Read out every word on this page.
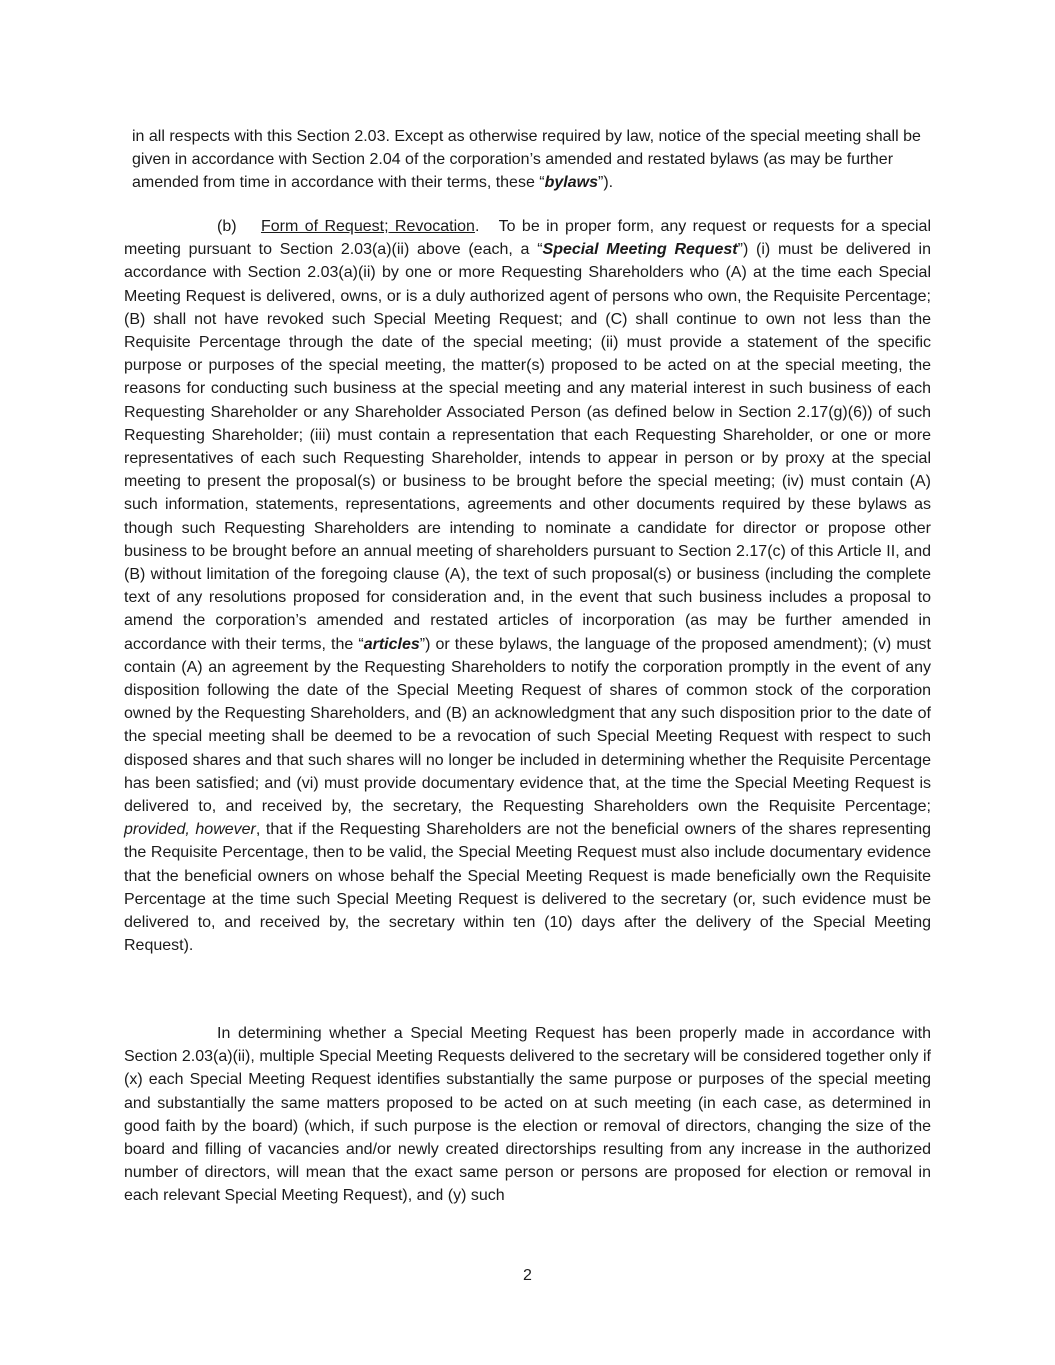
in all respects with this Section 2.03. Except as otherwise required by law, notice of the special meeting shall be given in accordance with Section 2.04 of the corporation’s amended and restated bylaws (as may be further amended from time in accordance with their terms, these “bylaws”).

(b) Form of Request; Revocation. To be in proper form, any request or requests for a special meeting pursuant to Section 2.03(a)(ii) above (each, a “Special Meeting Request”) (i) must be delivered in accordance with Section 2.03(a)(ii) by one or more Requesting Shareholders who (A) at the time each Special Meeting Request is delivered, owns, or is a duly authorized agent of persons who own, the Requisite Percentage; (B) shall not have revoked such Special Meeting Request; and (C) shall continue to own not less than the Requisite Percentage through the date of the special meeting; (ii) must provide a statement of the specific purpose or purposes of the special meeting, the matter(s) proposed to be acted on at the special meeting, the reasons for conducting such business at the special meeting and any material interest in such business of each Requesting Shareholder or any Shareholder Associated Person (as defined below in Section 2.17(g)(6)) of such Requesting Shareholder; (iii) must contain a representation that each Requesting Shareholder, or one or more representatives of each such Requesting Shareholder, intends to appear in person or by proxy at the special meeting to present the proposal(s) or business to be brought before the special meeting; (iv) must contain (A) such information, statements, representations, agreements and other documents required by these bylaws as though such Requesting Shareholders are intending to nominate a candidate for director or propose other business to be brought before an annual meeting of shareholders pursuant to Section 2.17(c) of this Article II, and (B) without limitation of the foregoing clause (A), the text of such proposal(s) or business (including the complete text of any resolutions proposed for consideration and, in the event that such business includes a proposal to amend the corporation’s amended and restated articles of incorporation (as may be further amended in accordance with their terms, the “articles”) or these bylaws, the language of the proposed amendment); (v) must contain (A) an agreement by the Requesting Shareholders to notify the corporation promptly in the event of any disposition following the date of the Special Meeting Request of shares of common stock of the corporation owned by the Requesting Shareholders, and (B) an acknowledgment that any such disposition prior to the date of the special meeting shall be deemed to be a revocation of such Special Meeting Request with respect to such disposed shares and that such shares will no longer be included in determining whether the Requisite Percentage has been satisfied; and (vi) must provide documentary evidence that, at the time the Special Meeting Request is delivered to, and received by, the secretary, the Requesting Shareholders own the Requisite Percentage; provided, however, that if the Requesting Shareholders are not the beneficial owners of the shares representing the Requisite Percentage, then to be valid, the Special Meeting Request must also include documentary evidence that the beneficial owners on whose behalf the Special Meeting Request is made beneficially own the Requisite Percentage at the time such Special Meeting Request is delivered to the secretary (or, such evidence must be delivered to, and received by, the secretary within ten (10) days after the delivery of the Special Meeting Request).

In determining whether a Special Meeting Request has been properly made in accordance with Section 2.03(a)(ii), multiple Special Meeting Requests delivered to the secretary will be considered together only if (x) each Special Meeting Request identifies substantially the same purpose or purposes of the special meeting and substantially the same matters proposed to be acted on at such meeting (in each case, as determined in good faith by the board) (which, if such purpose is the election or removal of directors, changing the size of the board and filling of vacancies and/or newly created directorships resulting from any increase in the authorized number of directors, will mean that the exact same person or persons are proposed for election or removal in each relevant Special Meeting Request), and (y) such

2
